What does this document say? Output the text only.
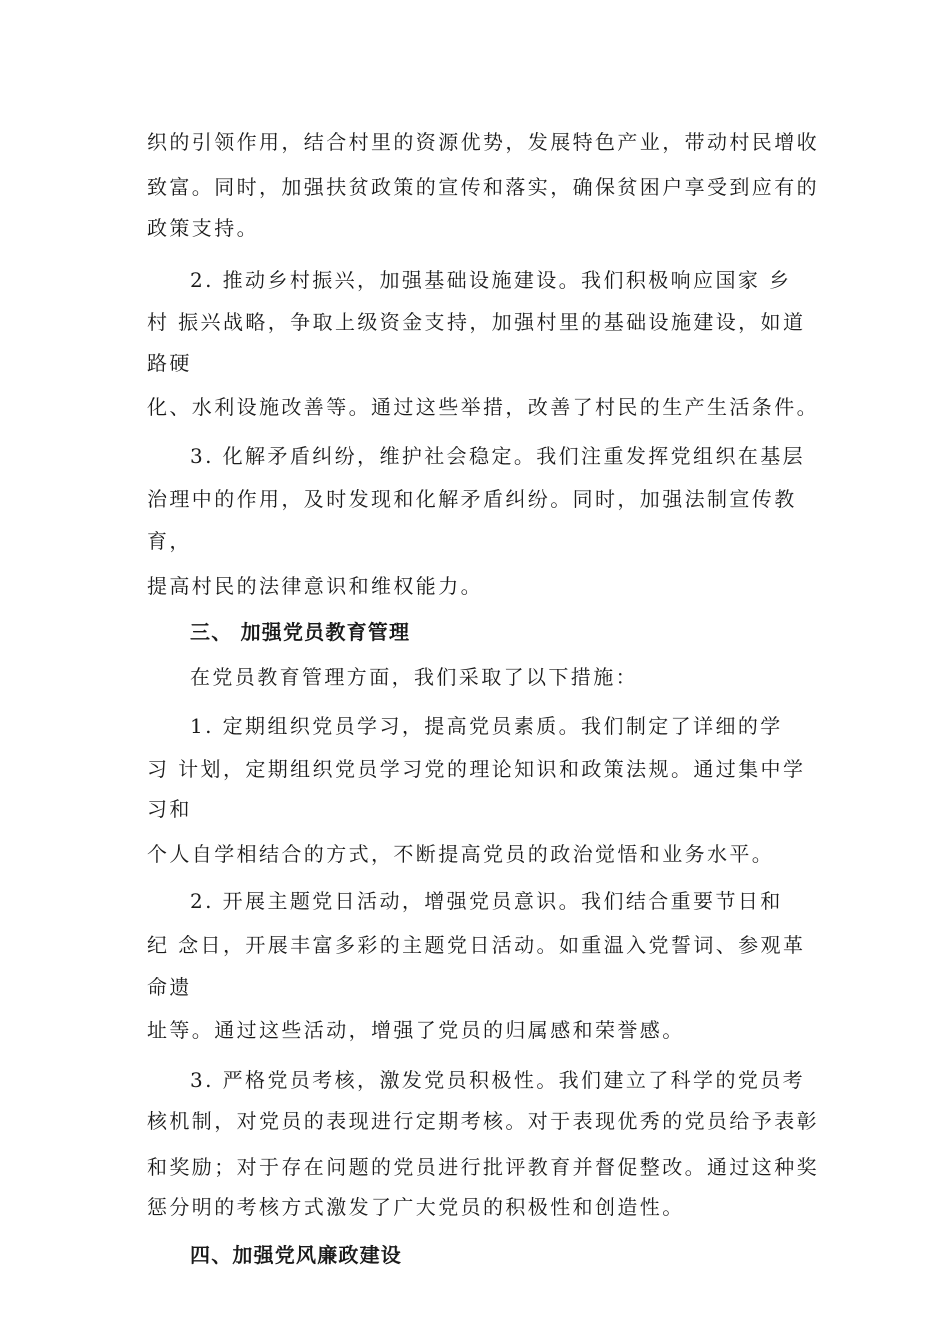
织的引领作用，结合村里的资源优势，发展特色产业，带动村民增收
致富。同时，加强扶贫政策的宣传和落实，确保贫困户享受到应有的
政策支持。
2. 推动乡村振兴，加强基础设施建设。我们积极响应国家 乡
村 振兴战略，争取上级资金支持，加强村里的基础设施建设，如道
路硬
化、水利设施改善等。通过这些举措，改善了村民的生产生活条件。
3. 化解矛盾纠纷，维护社会稳定。我们注重发挥党组织在基层
治理中的作用，及时发现和化解矛盾纠纷。同时，加强法制宣传教
育，
提高村民的法律意识和维权能力。
三、 加强党员教育管理
在党员教育管理方面，我们采取了以下措施：
1. 定期组织党员学习，提高党员素质。我们制定了详细的学
习 计划，定期组织党员学习党的理论知识和政策法规。通过集中学
习和
个人自学相结合的方式，不断提高党员的政治觉悟和业务水平。
2. 开展主题党日活动，增强党员意识。我们结合重要节日和
纪 念日，开展丰富多彩的主题党日活动。如重温入党誓词、参观革
命遗
址等。通过这些活动，增强了党员的归属感和荣誉感。
3. 严格党员考核，激发党员积极性。我们建立了科学的党员考
核机制，对党员的表现进行定期考核。对于表现优秀的党员给予表彰
和奖励；对于存在问题的党员进行批评教育并督促整改。通过这种奖
惩分明的考核方式激发了广大党员的积极性和创造性。
四、加强党风廉政建设
